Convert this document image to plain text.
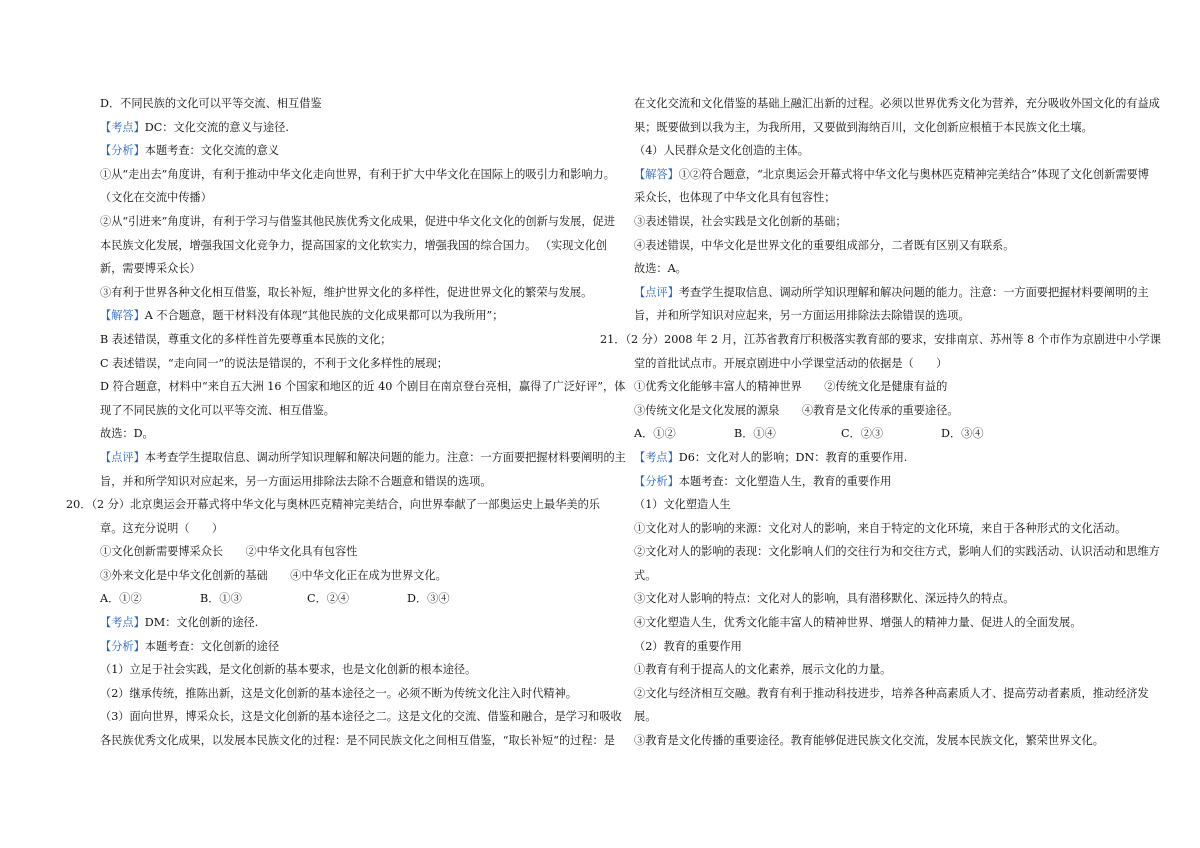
D．不同民族的文化可以平等交流、相互借鉴
【考点】DC：文化交流的意义与途径.
【分析】本题考查：文化交流的意义
①从“走出去”角度讲，有利于推动中华文化走向世界，有利于扩大中华文化在国际上的吸引力和影响力。
（文化在交流中传播）
②从“引进来”角度讲，有利于学习与借鉴其他民族优秀文化成果，促进中华文化文化的创新与发展，促进
本民族文化发展，增强我国文化竞争力，提高国家的文化软实力，增强我国的综合国力。 （实现文化创
新，需要博采众长）
③有利于世界各种文化相互借鉴，取长补短，维护世界文化的多样性，促进世界文化的繁荣与发展。
【解答】A 不合题意，题干材料没有体现“其他民族的文化成果都可以为我所用”；
B 表述错误，尊重文化的多样性首先要尊重本民族的文化；
C 表述错误，“走向同一”的说法是错误的，不利于文化多样性的展现；
D 符合题意，材料中“来自五大洲 16 个国家和地区的近 40 个剧目在南京登台亮相，赢得了广泛好评”，体
现了不同民族的文化可以平等交流、相互借鉴。
故选：D。
【点评】本考查学生提取信息、调动所学知识理解和解决问题的能力。注意：一方面要把握材料要阐明的主
旨，并和所学知识对应起来，另一方面运用排除法去除不合题意和错误的选项。
20．（2 分）北京奥运会开幕式将中华文化与奥林匹克精神完美结合，向世界奉献了一部奥运史上最华美的乐
章。这充分说明（　　）
①文化创新需要博采众长　　②中华文化具有包容性
③外来文化是中华文化创新的基础　　④中华文化正在成为世界文化。
A．①②	B．①③	C．②④	D．③④
【考点】DM：文化创新的途径.
【分析】本题考查：文化创新的途径
（1）立足于社会实践，是文化创新的基本要求，也是文化创新的根本途径。
（2）继承传统，推陈出新，这是文化创新的基本途径之一。必须不断为传统文化注入时代精神。
（3）面向世界，博采众长，这是文化创新的基本途径之二。这是文化的交流、借鉴和融合，是学习和吸收
各民族优秀文化成果，以发展本民族文化的过程：是不同民族文化之间相互借鉴，“取长补短“的过程：是
在文化交流和文化借鉴的基础上融汇出新的过程。必须以世界优秀文化为营养，充分吸收外国文化的有益成
果；既要做到以我为主，为我所用，又要做到海纳百川，文化创新应根植于本民族文化土壤。
（4）人民群众是文化创造的主体。
【解答】①②符合题意，“北京奥运会开幕式将中华文化与奥林匹克精神完美结合”体现了文化创新需要博
采众长，也体现了中华文化具有包容性；
③表述错误，社会实践是文化创新的基础；
④表述错误，中华文化是世界文化的重要组成部分，二者既有区别又有联系。
故选：A。
【点评】考查学生提取信息、调动所学知识理解和解决问题的能力。注意：一方面要把握材料要阐明的主
旨，并和所学知识对应起来，另一方面运用排除法去除错误的选项。
21．（2 分）2008 年 2 月，江苏省教育厅积极落实教育部的要求，安排南京、苏州等 8 个市作为京剧进中小学课
堂的首批试点市。开展京剧进中小学课堂活动的依据是（　　）
①优秀文化能够丰富人的精神世界　　②传统文化是健康有益的
③传统文化是文化发展的源泉　　④教育是文化传承的重要途径。
A．①②	B．①④	C．②③	D．③④
【考点】D6：文化对人的影响；DN：教育的重要作用.
【分析】本题考查：文化塑造人生，教育的重要作用
（1）文化塑造人生
①文化对人的影响的来源：文化对人的影响，来自于特定的文化环境，来自于各种形式的文化活动。
②文化对人的影响的表现：文化影响人们的交往行为和交往方式，影响人们的实践活动、认识活动和思维方
式。
③文化对人影响的特点：文化对人的影响，具有潜移默化、深远持久的特点。
④文化塑造人生，优秀文化能丰富人的精神世界、增强人的精神力量、促进人的全面发展。
（2）教育的重要作用
①教育有利于提高人的文化素养，展示文化的力量。
②文化与经济相互交融。教育有利于推动科技进步，培养各种高素质人才、提高劳动者素质，推动经济发
展。
③教育是文化传播的重要途径。教育能够促进民族文化交流，发展本民族文化，繁荣世界文化。
